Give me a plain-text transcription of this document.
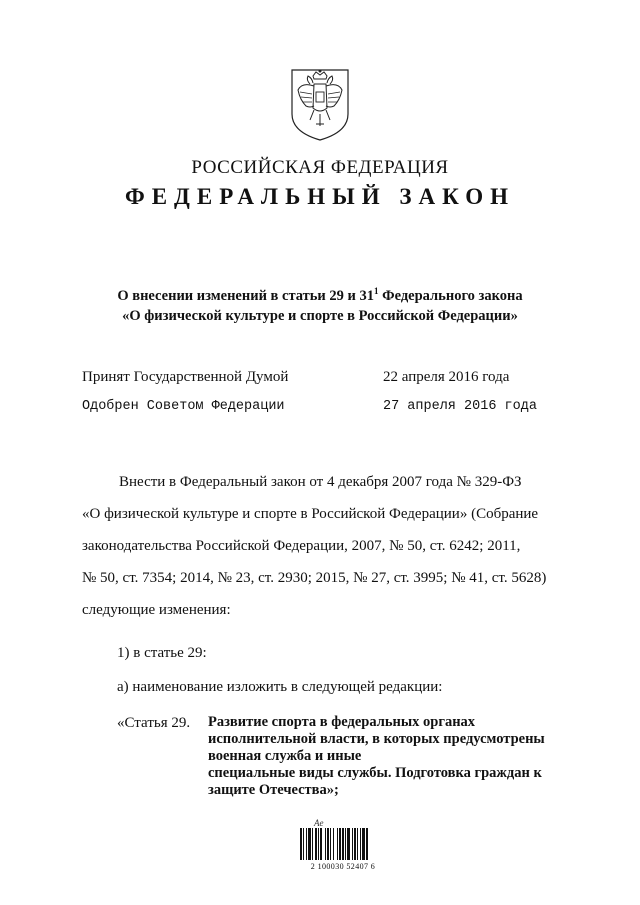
РОССИЙСКАЯ ФЕДЕРАЦИЯ
ФЕДЕРАЛЬНЫЙ ЗАКОН
О внесении изменений в статьи 29 и $31^1$ Федерального закона
«О физической культуре и спорте в Российской Федерации»
Принят Государственной Думой	22 апреля 2016 года
Одобрен Советом Федерации	27 апреля 2016 года
Внести в Федеральный закон от 4 декабря 2007 года № 329-ФЗ
«О физической культуре и спорте в Российской Федерации» (Собрание
законодательства Российской Федерации, 2007, № 50, ст. 6242; 2011,
№ 50, ст. 7354; 2014, № 23, ст. 2930; 2015, № 27, ст. 3995; № 41, ст. 5628)
следующие изменения:
1) в статье 29:
а) наименование изложить в следующей редакции:
«Статья 29. Развитие спорта в федеральных органах
исполнительной власти, в которых предусмотрены
военная служба и иные
специальные виды службы. Подготовка граждан к
защите Отечества»;
Ae
2 100030 52407 6
